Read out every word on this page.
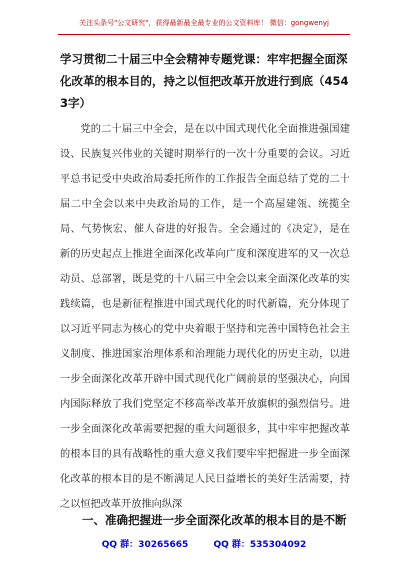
关注头条号"公文研究"，获得最新最全最专业的公文资料库！ 微信：gongwenyj
学习贯彻二十届三中全会精神专题党课：牢牢把握全面深化改革的根本目的，持之以恒把改革开放进行到底（4543字）
党的二十届三中全会，是在以中国式现代化全面推进强国建设、民族复兴伟业的关键时期举行的一次十分重要的会议。习近平总书记受中央政治局委托所作的工作报告全面总结了党的二十届二中全会以来中央政治局的工作，是一个高屋建瓴、统揽全局、气势恢宏、催人奋进的好报告。全会通过的《决定》，是在新的历史起点上推进全面深化改革向广度和深度进军的又一次总动员、总部署，既是党的十八届三中全会以来全面深化改革的实践续篇，也是新征程推进中国式现代化的时代新篇，充分体现了以习近平同志为核心的党中央着眼于坚持和完善中国特色社会主义制度、推进国家治理体系和治理能力现代化的历史主动，以进一步全面深化改革开辟中国式现代化广阔前景的坚强决心，向国内国际释放了我们党坚定不移高举改革开放旗帜的强烈信号。进一步全面深化改革需要把握的重大问题很多，其中牢牢把握改革的根本目的具有战略性的重大意义我们要牢牢把握进一步全面深化改革的根本目的是不断满足人民日益增长的美好生活需要，持之以恒把改革开放推向纵深
一、准确把握进一步全面深化改革的根本目的是不断
QQ 群：30265665	QQ 群：535304092
